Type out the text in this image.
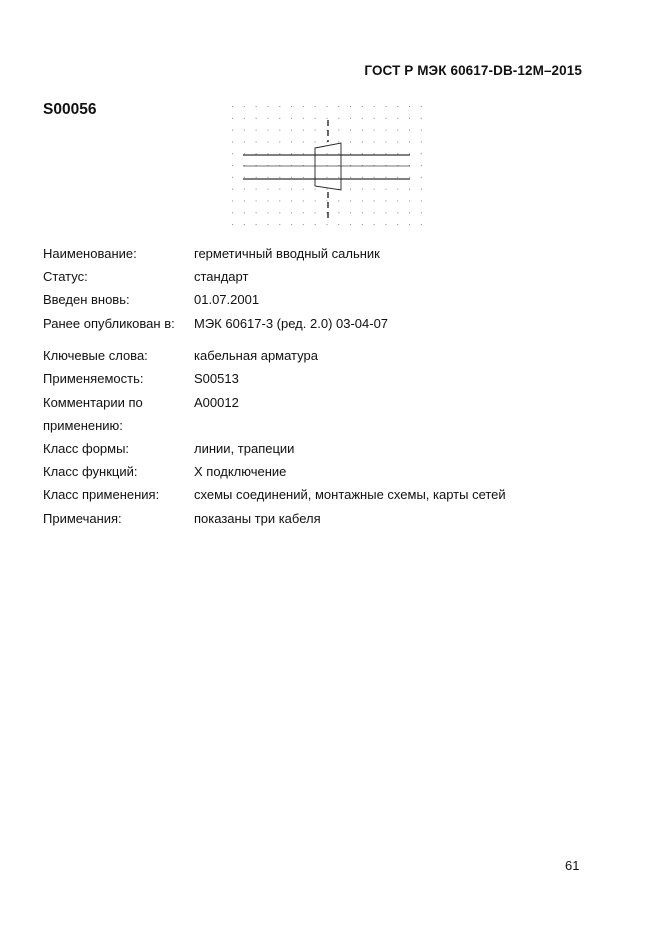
ГОСТ Р МЭК 60617-DB-12M–2015
S00056
Наименование:	герметичный вводный сальник
Статус:	стандарт
Введен вновь:	01.07.2001
Ранее опубликован в:	МЭК 60617-3 (ред. 2.0) 03-04-07
Ключевые слова:	кабельная арматура
Применяемость:	S00513
Комментарии по	A00012
применению:
Класс формы:	линии, трапеции
Класс функций:	X подключение
Класс применения:	схемы соединений, монтажные схемы, карты сетей
Примечания:	показаны три кабеля
61
